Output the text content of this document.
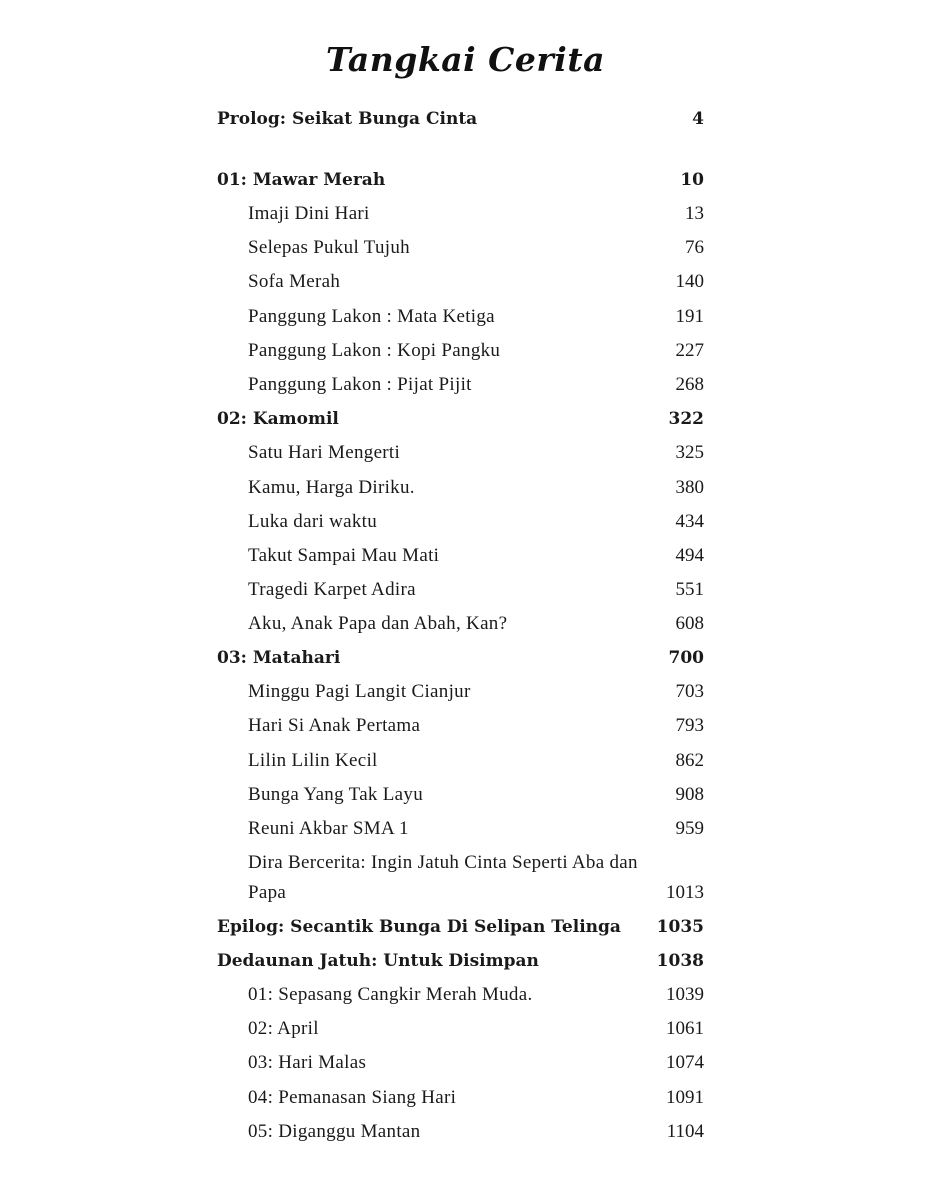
Tangkai Cerita
Prolog: Seikat Bunga Cinta	4
01: Mawar Merah	10
Imaji Dini Hari	13
Selepas Pukul Tujuh	76
Sofa Merah	140
Panggung Lakon : Mata Ketiga	191
Panggung Lakon : Kopi Pangku	227
Panggung Lakon : Pijat Pijit	268
02: Kamomil	322
Satu Hari Mengerti	325
Kamu, Harga Diriku.	380
Luka dari waktu	434
Takut Sampai Mau Mati	494
Tragedi Karpet Adira	551
Aku, Anak Papa dan Abah, Kan?	608
03: Matahari	700
Minggu Pagi Langit Cianjur	703
Hari Si Anak Pertama	793
Lilin Lilin Kecil	862
Bunga Yang Tak Layu	908
Reuni Akbar SMA 1	959
Dira Bercerita: Ingin Jatuh Cinta Seperti Aba dan
Papa	1013
Epilog: Secantik Bunga Di Selipan Telinga 1035
Dedaunan Jatuh: Untuk Disimpan	1038
01: Sepasang Cangkir Merah Muda.	1039
02: April	1061
03: Hari Malas	1074
04: Pemanasan Siang Hari	1091
05: Diganggu Mantan	1104
